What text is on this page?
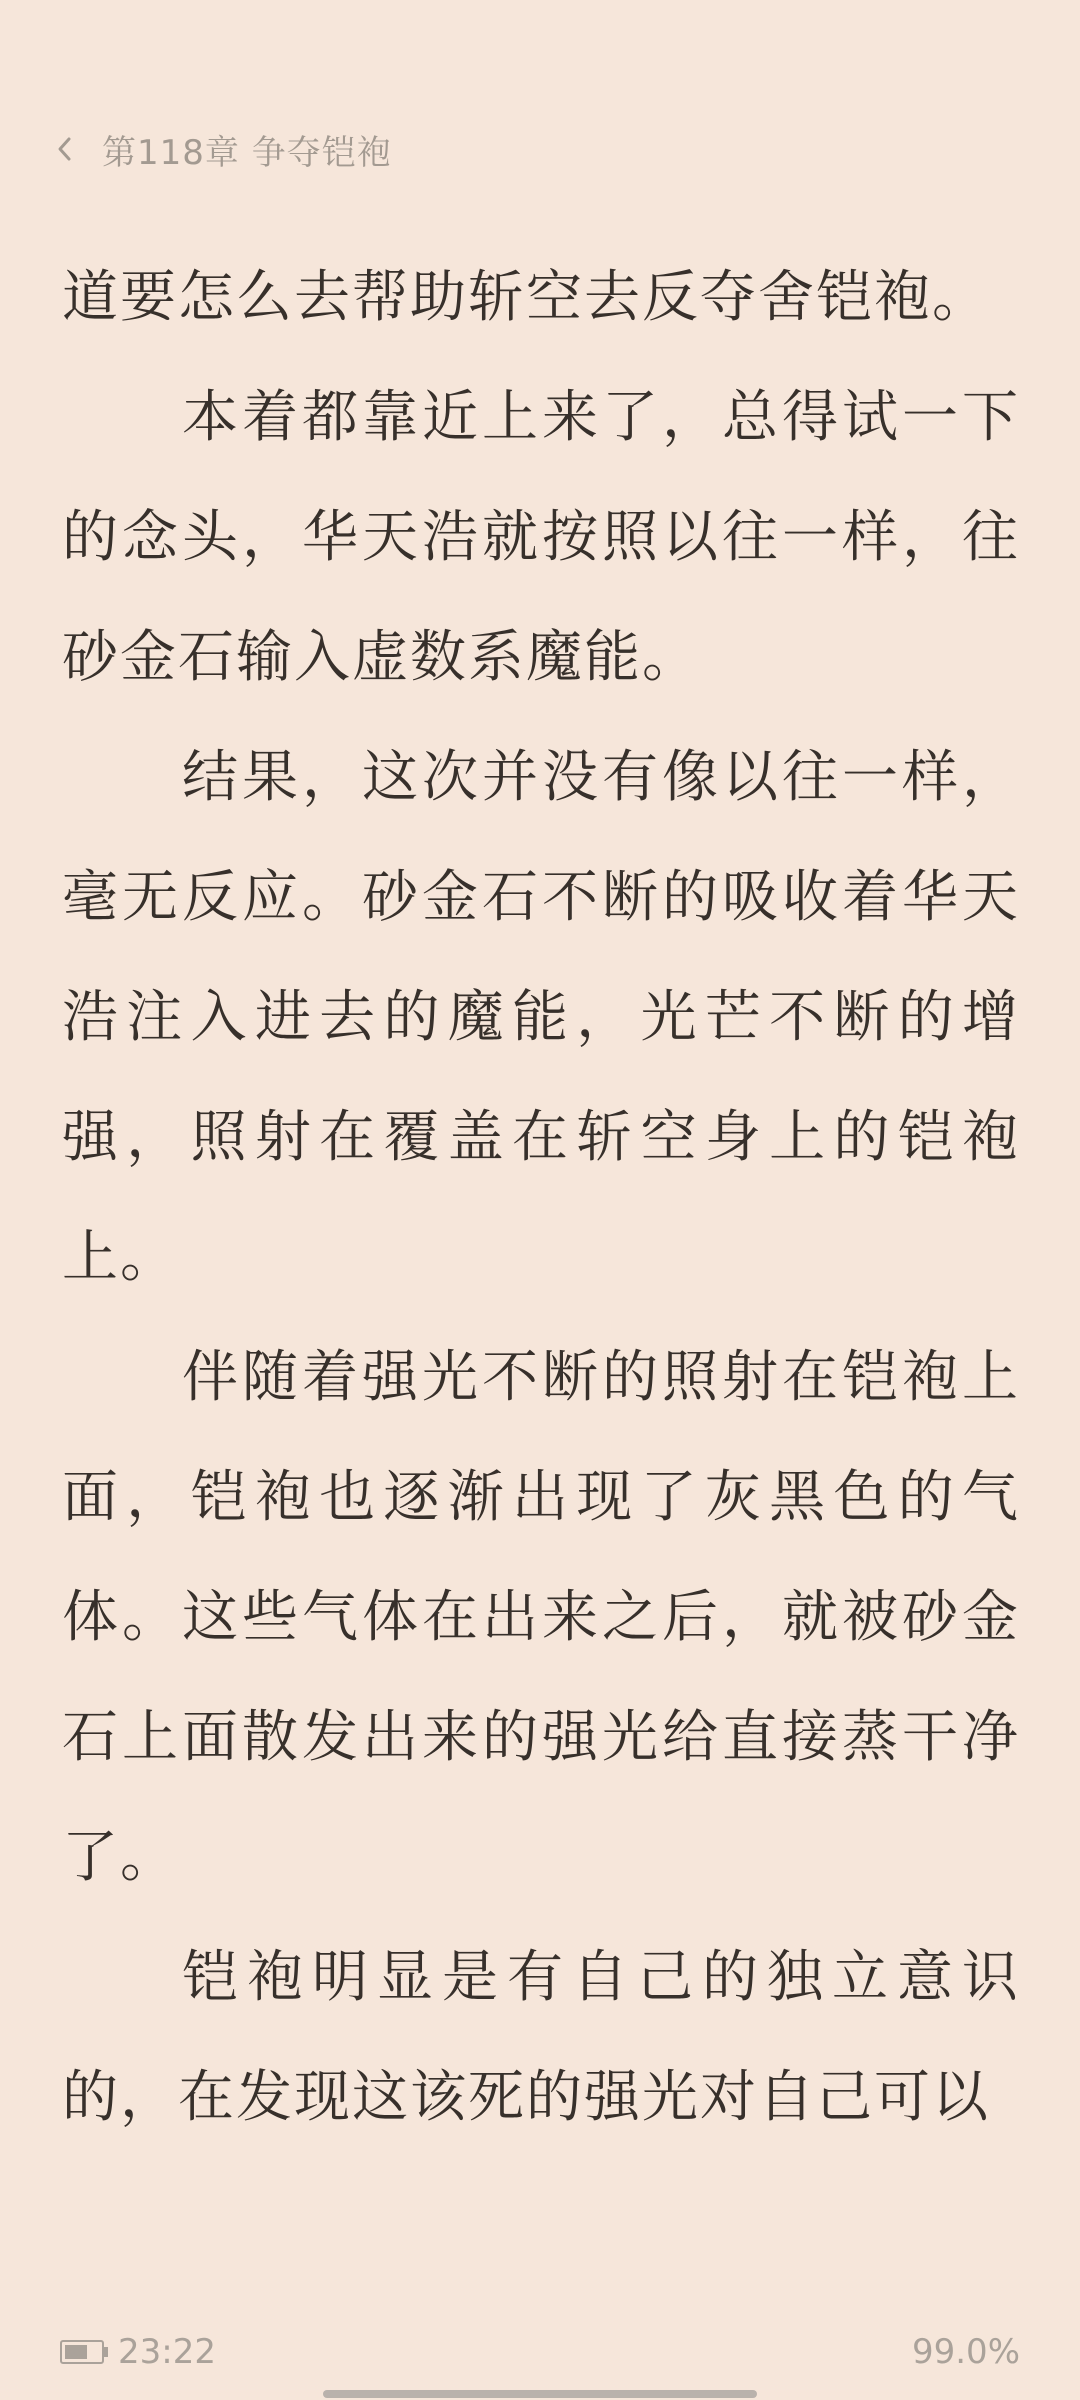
第118章 争夺铠袍

道要怎么去帮助斩空去反夺舍铠袍。

本着都靠近上来了，总得试一下的念头，华天浩就按照以往一样，往砂金石输入虚数系魔能。

结果，这次并没有像以往一样，毫无反应。砂金石不断的吸收着华天浩注入进去的魔能，光芒不断的增强，照射在覆盖在斩空身上的铠袍上。

伴随着强光不断的照射在铠袍上面，铠袍也逐渐出现了灰黑色的气体。这些气体在出来之后，就被砂金石上面散发出来的强光给直接蒸干净了。

铠袍明显是有自己的独立意识的，在发现这该死的强光对自己可以

23:22	99.0%
